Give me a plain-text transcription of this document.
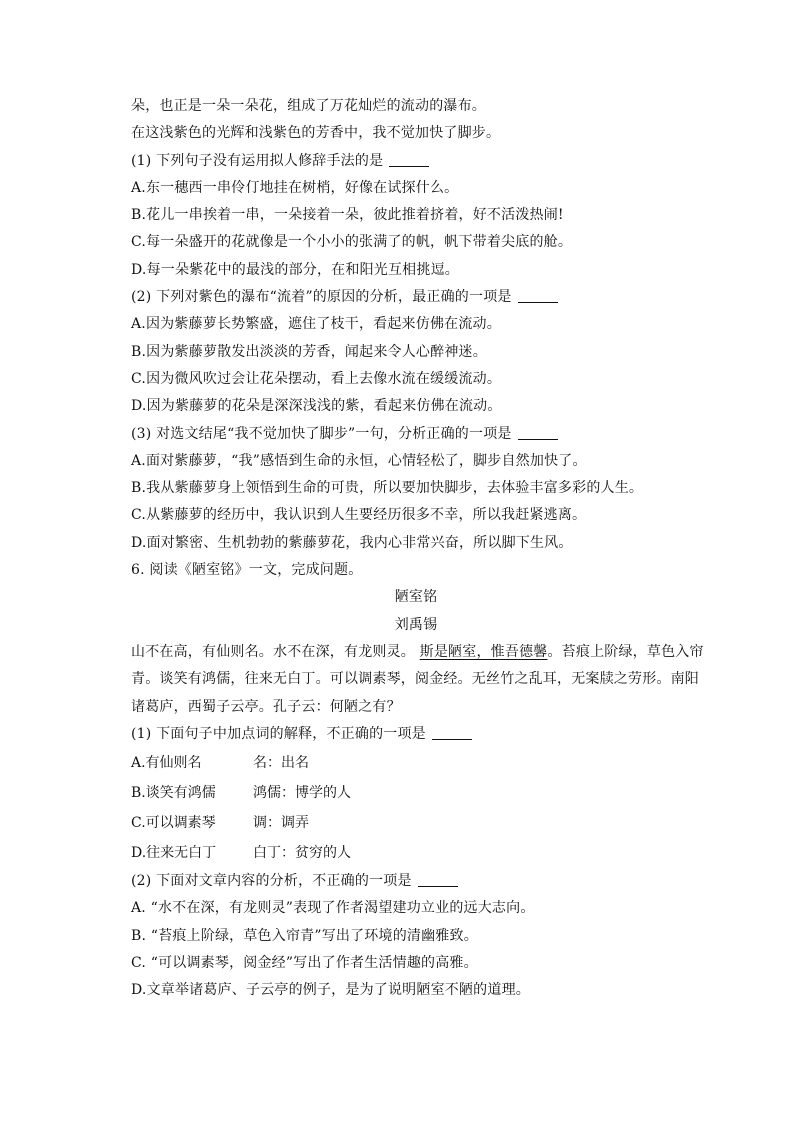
朵，也正是一朵一朵花，组成了万花灿烂的流动的瀑布。
在这浅紫色的光辉和浅紫色的芳香中，我不觉加快了脚步。
(1) 下列句子没有运用拟人修辞手法的是
A.东一穗西一串伶仃地挂在树梢，好像在试探什么。
B.花儿一串挨着一串，一朵接着一朵，彼此推着挤着，好不活泼热闹!
C.每一朵盛开的花就像是一个小小的张满了的帆，帆下带着尖底的舱。
D.每一朵紫花中的最浅的部分，在和阳光互相挑逗。
(2) 下列对紫色的瀑布“流着”的原因的分析，最正确的一项是
A.因为紫藤萝长势繁盛，遮住了枝干，看起来仿佛在流动。
B.因为紫藤萝散发出淡淡的芳香，闻起来令人心醉神迷。
C.因为微风吹过会让花朵摆动，看上去像水流在缓缓流动。
D.因为紫藤萝的花朵是深深浅浅的紫，看起来仿佛在流动。
(3) 对选文结尾“我不觉加快了脚步”一句，分析正确的一项是
A.面对紫藤萝，“我”感悟到生命的永恒，心情轻松了，脚步自然加快了。
B.我从紫藤萝身上领悟到生命的可贵，所以要加快脚步，去体验丰富多彩的人生。
C.从紫藤萝的经历中，我认识到人生要经历很多不幸，所以我赶紧逃离。
D.面对繁密、生机勃勃的紫藤萝花，我内心非常兴奋，所以脚下生风。
6. 阅读《陋室铭》一文，完成问题。
陋室铭
刘禹锡
山不在高，有仙则名。水不在深，有龙则灵。 斯是陋室，惟吾德馨。苔痕上阶绿，草色入帘
青。谈笑有鸿儒，往来无白丁。可以调素琴，阅金经。无丝竹之乱耳，无案牍之劳形。南阳
诸葛庐，西蜀子云亭。孔子云：何陋之有？
(1) 下面句子中加点词的解释，不正确的一项是
A.有仙则名	名：出名
B.谈笑有鸿儒	鸿儒：博学的人
C.可以调素琴	调：调弄
D.往来无白丁	白丁：贫穷的人
(2) 下面对文章内容的分析，不正确的一项是
A. “水不在深，有龙则灵”表现了作者渴望建功立业的远大志向。
B. “苔痕上阶绿，草色入帘青”写出了环境的清幽雅致。
C. “可以调素琴，阅金经”写出了作者生活情趣的高雅。
D.文章举诸葛庐、子云亭的例子，是为了说明陋室不陋的道理。
